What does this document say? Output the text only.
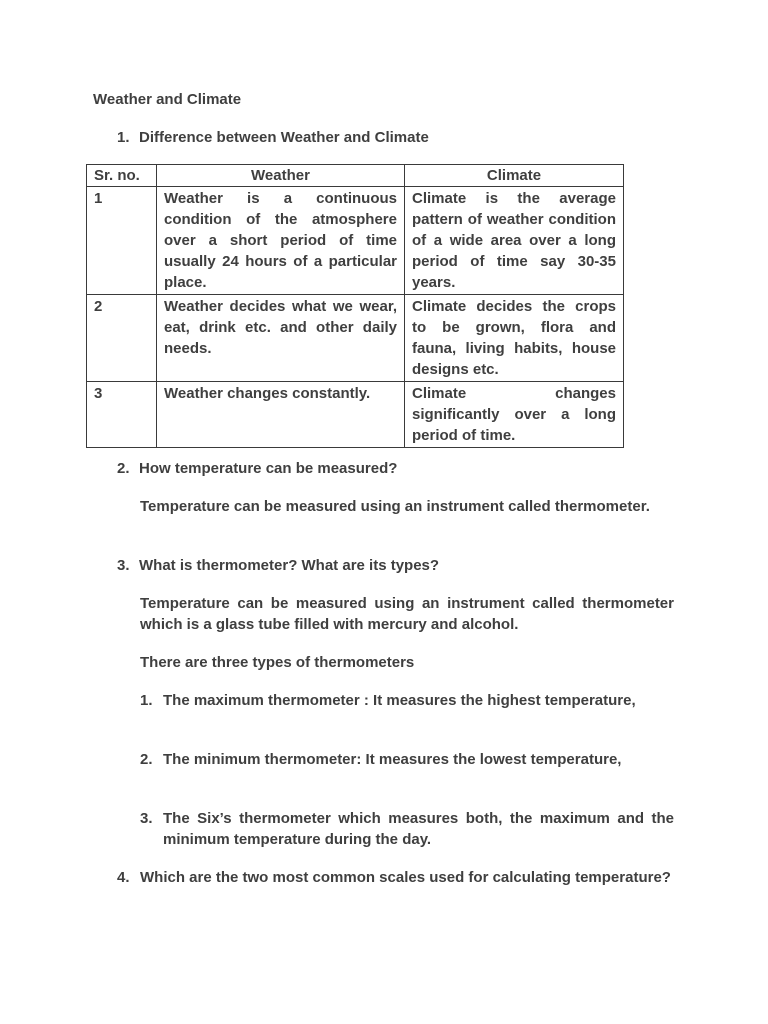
Weather and Climate
1. Difference between Weather and Climate
Sr. no.	Weather	Climate
1	Weather is a continuous condition of the atmosphere over a short period of time usually 24 hours of a particular place.	Climate is the average pattern of weather condition of a wide area over a long period of time say 30-35 years.
2	Weather decides what we wear, eat, drink etc. and other daily needs.	Climate decides the crops to be grown, flora and fauna, living habits, house designs etc.
3	Weather changes constantly.	Climate changes significantly over a long period of time.
2. How temperature can be measured?
Temperature can be measured using an instrument called thermometer.
3. What is thermometer? What are its types?
Temperature can be measured using an instrument called thermometer which is a glass tube filled with mercury and alcohol.
There are three types of thermometers
1. The maximum thermometer : It measures the highest temperature,
2. The minimum thermometer: It measures the lowest temperature,
3. The Six’s thermometer which measures both, the maximum and the minimum temperature during the day.
4. Which are the two most common scales used for calculating temperature?
